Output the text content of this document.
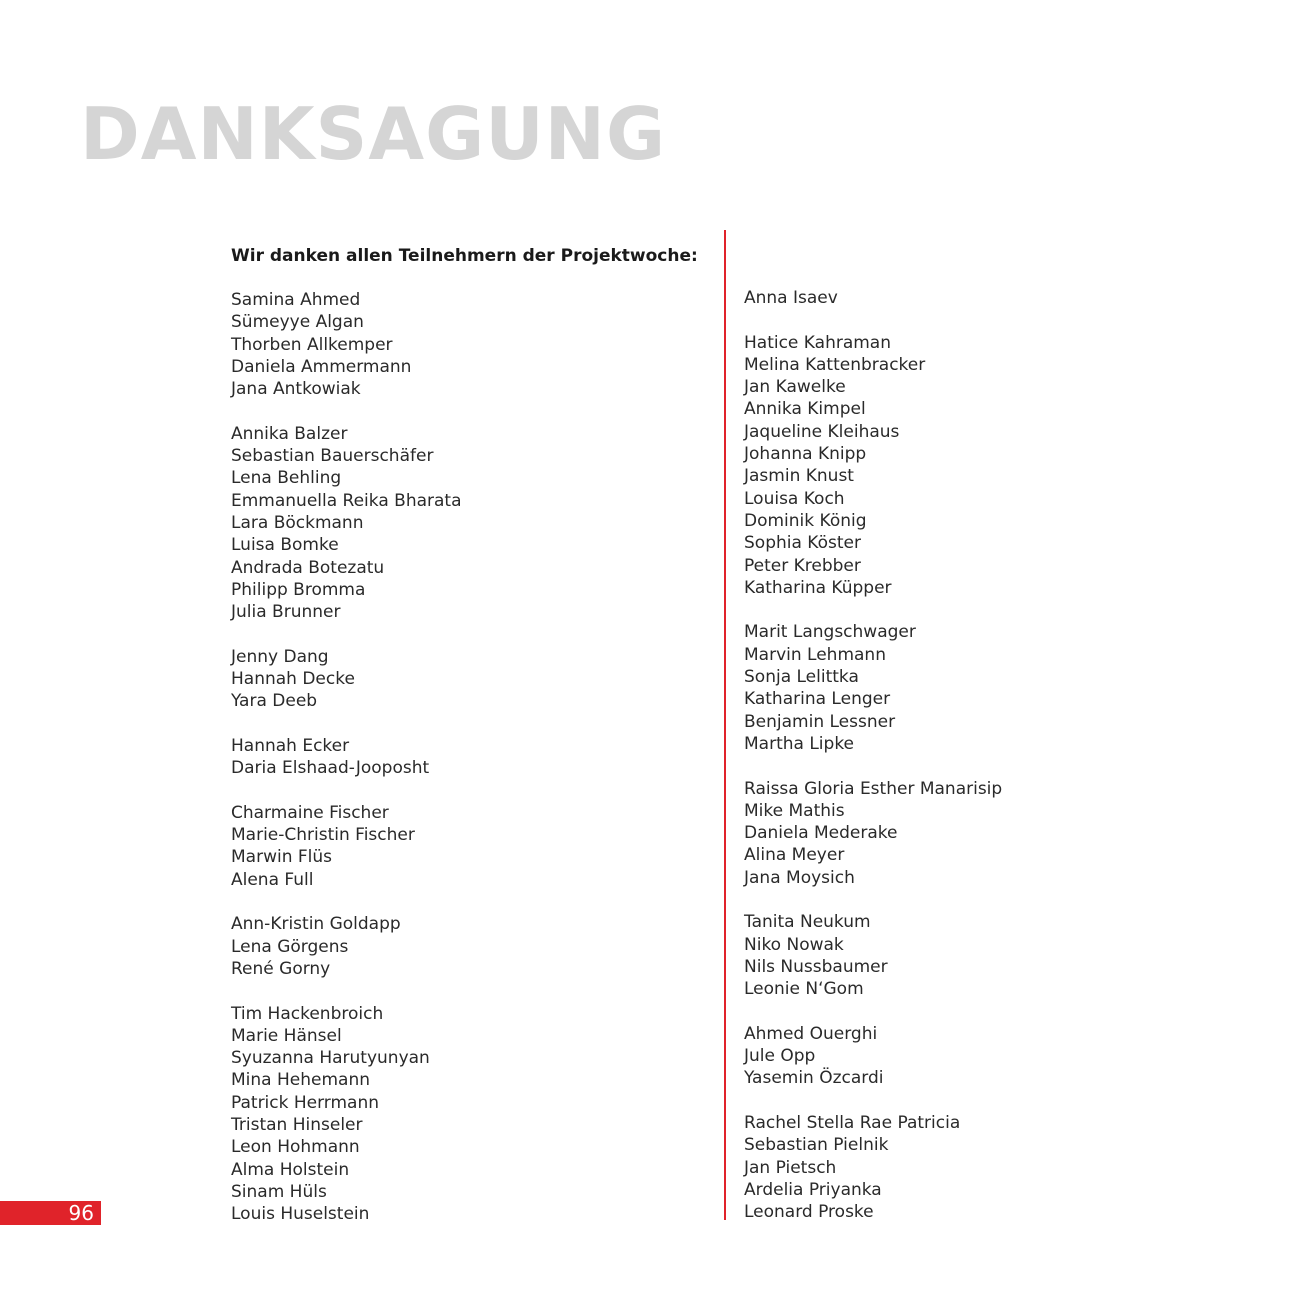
DANKSAGUNG
Wir danken allen Teilnehmern der Projektwoche:
Samina Ahmed
Sümeyye Algan
Thorben Allkemper
Daniela Ammermann
Jana Antkowiak
Annika Balzer
Sebastian Bauerschäfer
Lena Behling
Emmanuella Reika Bharata
Lara Böckmann
Luisa Bomke
Andrada Botezatu
Philipp Bromma
Julia Brunner
Jenny Dang
Hannah Decke
Yara Deeb
Hannah Ecker
Daria Elshaad-Jooposht
Charmaine Fischer
Marie-Christin Fischer
Marwin Flüs
Alena Full
Ann-Kristin Goldapp
Lena Görgens
René Gorny
Tim Hackenbroich
Marie Hänsel
Syuzanna Harutyunyan
Mina Hehemann
Patrick Herrmann
Tristan Hinseler
Leon Hohmann
Alma Holstein
Sinam Hüls
Louis Huselstein
Anna Isaev
Hatice Kahraman
Melina Kattenbracker
Jan Kawelke
Annika Kimpel
Jaqueline Kleihaus
Johanna Knipp
Jasmin Knust
Louisa Koch
Dominik König
Sophia Köster
Peter Krebber
Katharina Küpper
Marit Langschwager
Marvin Lehmann
Sonja Lelittka
Katharina Lenger
Benjamin Lessner
Martha Lipke
Raissa Gloria Esther Manarisip
Mike Mathis
Daniela Mederake
Alina Meyer
Jana Moysich
Tanita Neukum
Niko Nowak
Nils Nussbaumer
Leonie N‘Gom
Ahmed Ouerghi
Jule Opp
Yasemin Özcardi
Rachel Stella Rae Patricia
Sebastian Pielnik
Jan Pietsch
Ardelia Priyanka
Leonard Proske
96
